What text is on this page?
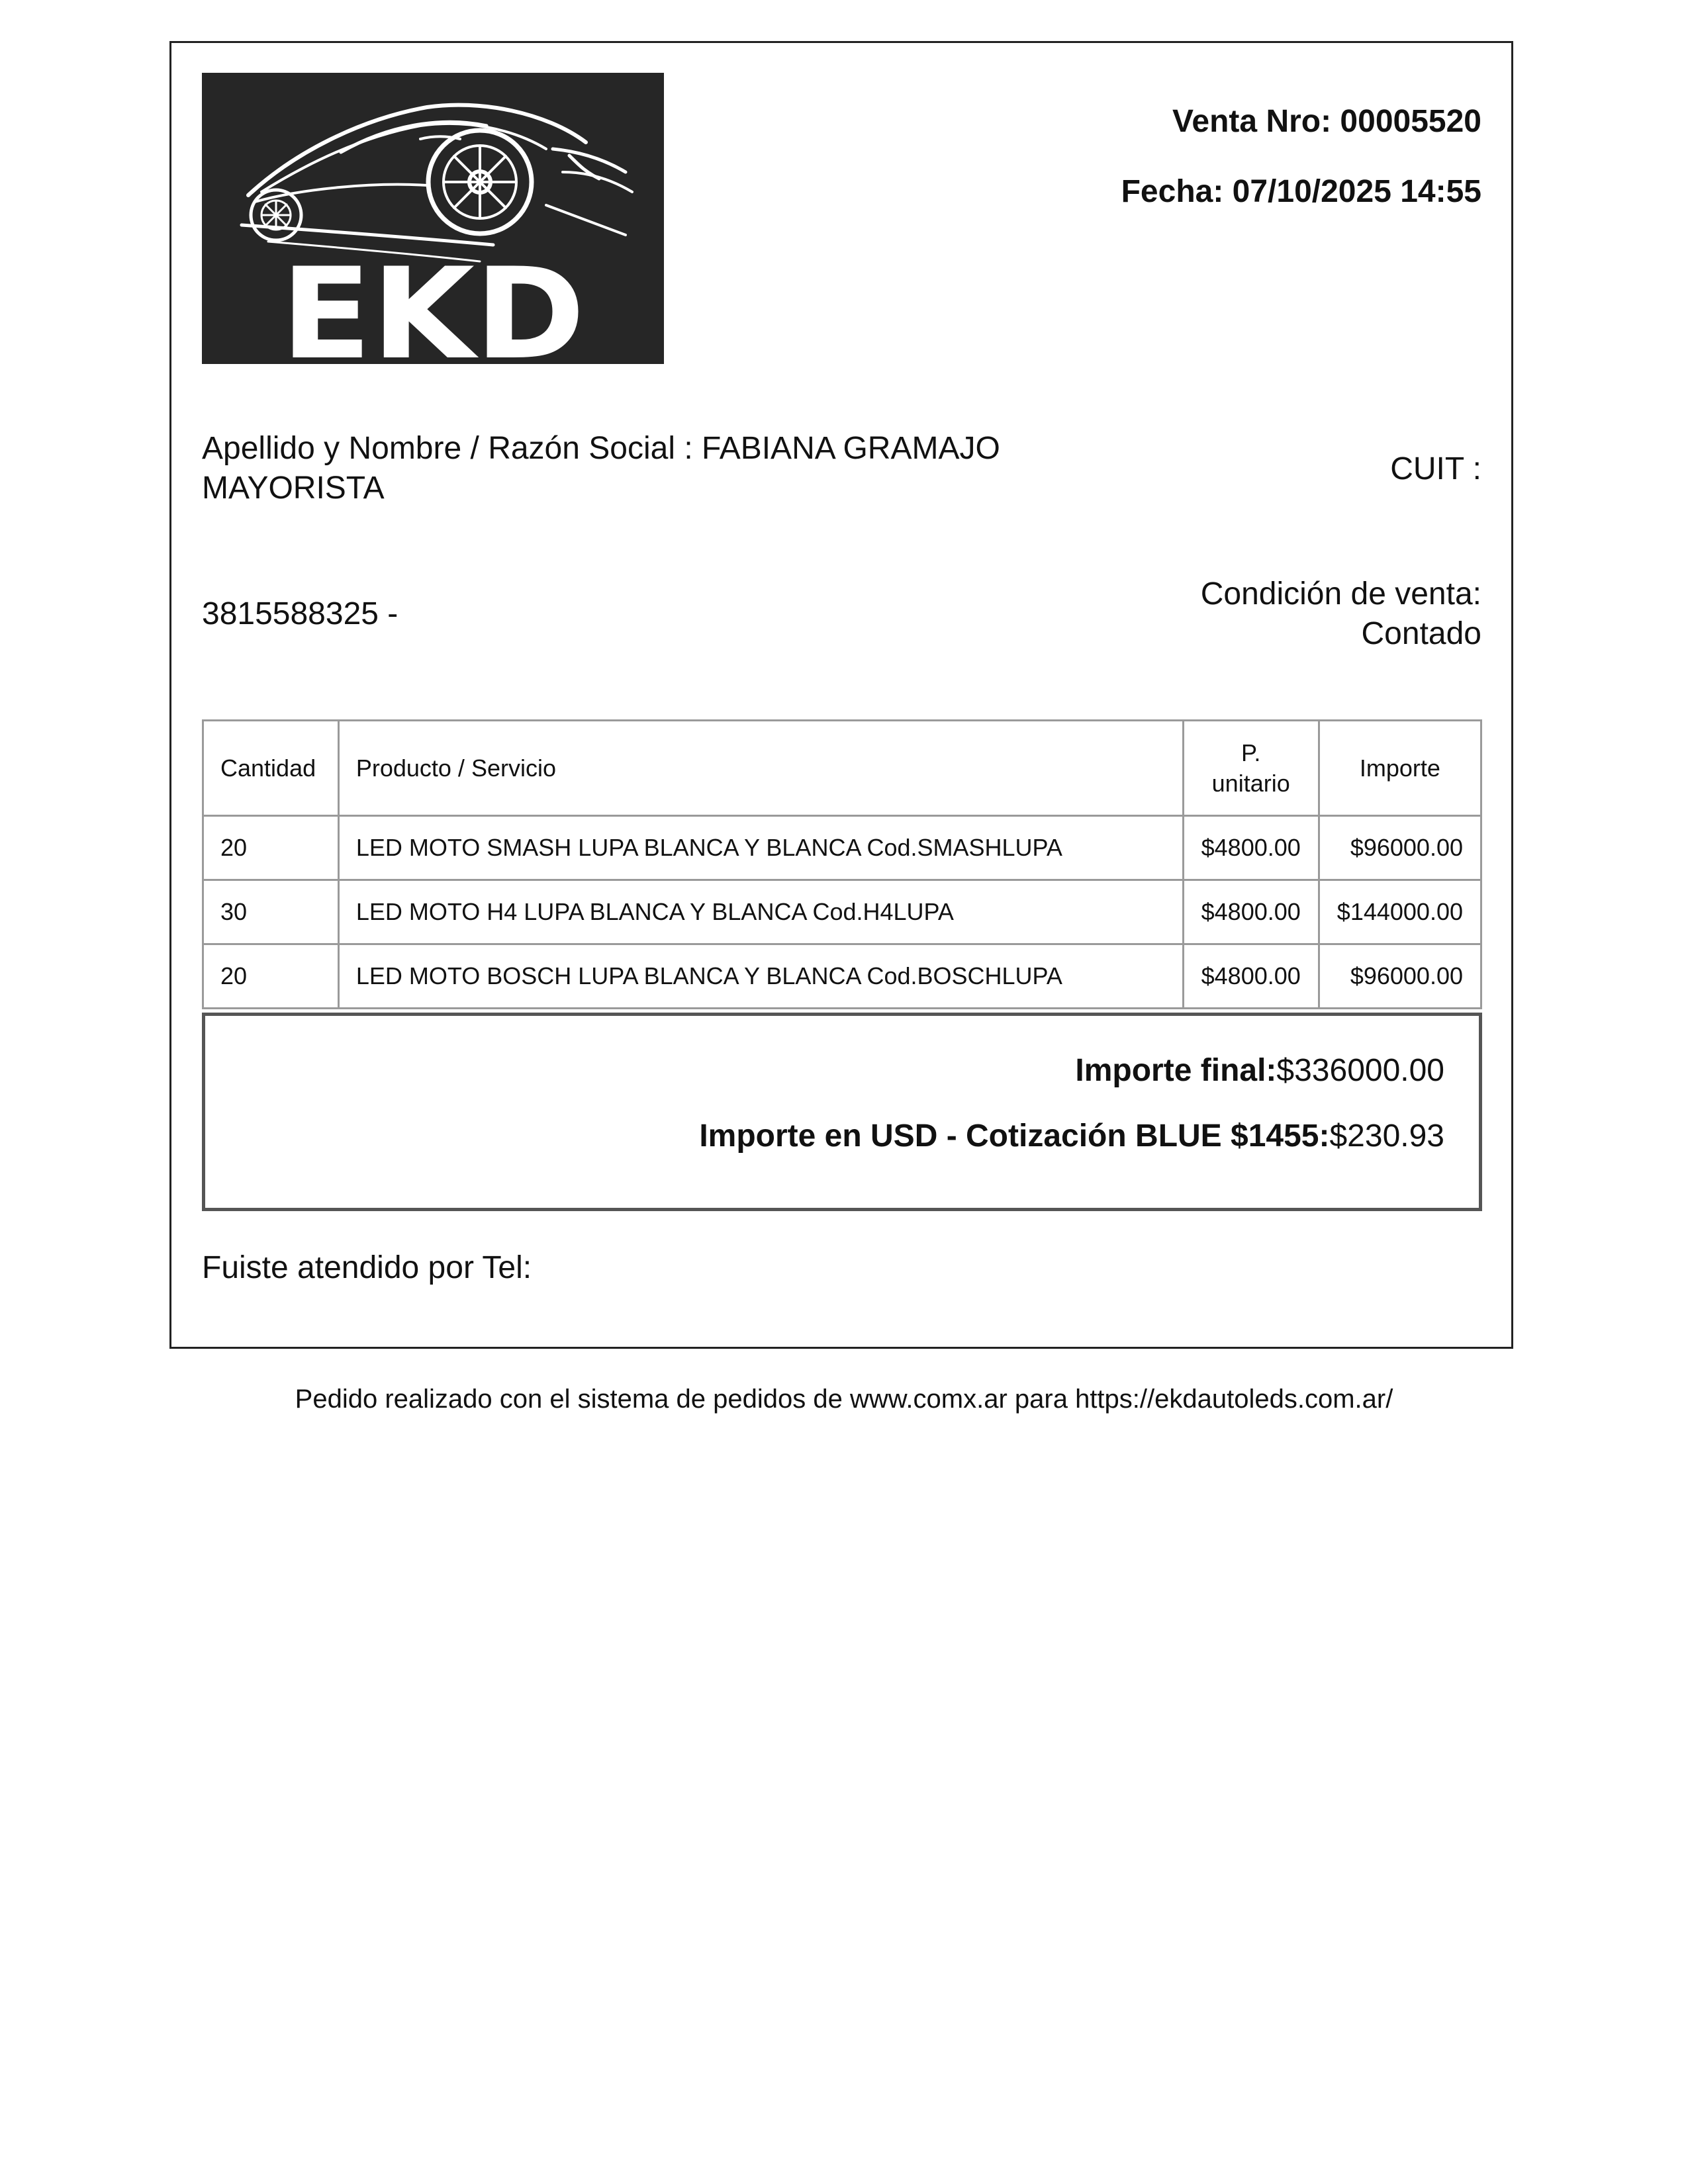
EKD
Venta Nro: 00005520
Fecha: 07/10/2025 14:55
Apellido y Nombre / Razón Social : FABIANA GRAMAJO MAYORISTA
CUIT :
3815588325 -
Condición de venta: Contado
Cantidad	Producto / Servicio	P. unitario	Importe
20	LED MOTO SMASH LUPA BLANCA Y BLANCA Cod.SMASHLUPA	$4800.00	$96000.00
30	LED MOTO H4 LUPA BLANCA Y BLANCA Cod.H4LUPA	$4800.00	$144000.00
20	LED MOTO BOSCH LUPA BLANCA Y BLANCA Cod.BOSCHLUPA	$4800.00	$96000.00
Importe final:$336000.00
Importe en USD - Cotización BLUE $1455:$230.93
Fuiste atendido por Tel:
Pedido realizado con el sistema de pedidos de www.comx.ar para https://ekdautoleds.com.ar/
